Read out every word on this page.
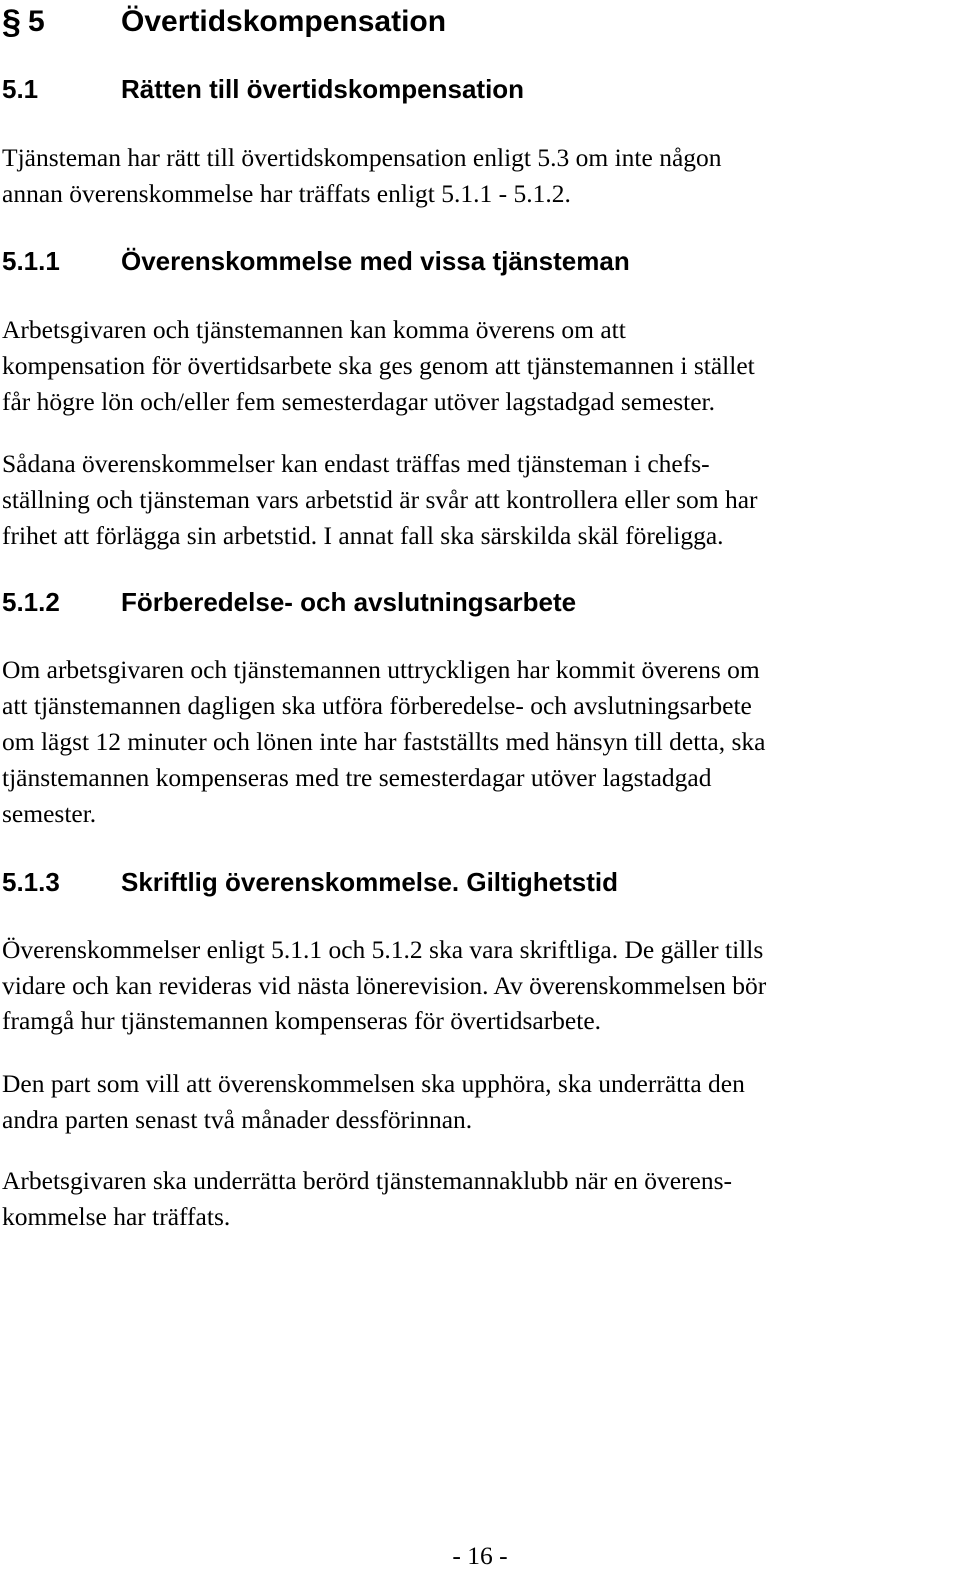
§ 5	Övertidskompensation
5.1	Rätten till övertidskompensation
Tjänsteman har rätt till övertidskompensation enligt 5.3 om inte någon
annan överenskommelse har träffats enligt 5.1.1 - 5.1.2.
5.1.1 Överenskommelse med vissa tjänsteman
Arbetsgivaren och tjänstemannen kan komma överens om att
kompensation för övertidsarbete ska ges genom att tjänstemannen i stället
får högre lön och/eller fem semesterdagar utöver lagstadgad semester.
Sådana överenskommelser kan endast träffas med tjänsteman i chefs-
ställning och tjänsteman vars arbetstid är svår att kontrollera eller som har
frihet att förlägga sin arbetstid. I annat fall ska särskilda skäl föreligga.
5.1.2 Förberedelse- och avslutningsarbete
Om arbetsgivaren och tjänstemannen uttryckligen har kommit överens om
att tjänstemannen dagligen ska utföra förberedelse- och avslutningsarbete
om lägst 12 minuter och lönen inte har fastställts med hänsyn till detta, ska
tjänstemannen kompenseras med tre semesterdagar utöver lagstadgad
semester.
5.1.3 Skriftlig överenskommelse. Giltighetstid
Överenskommelser enligt 5.1.1 och 5.1.2 ska vara skriftliga. De gäller tills
vidare och kan revideras vid nästa lönerevision. Av överenskommelsen bör
framgå hur tjänstemannen kompenseras för övertidsarbete.
Den part som vill att överenskommelsen ska upphöra, ska underrätta den
andra parten senast två månader dessförinnan.
Arbetsgivaren ska underrätta berörd tjänstemannaklubb när en överens-
kommelse har träffats.
- 16 -
